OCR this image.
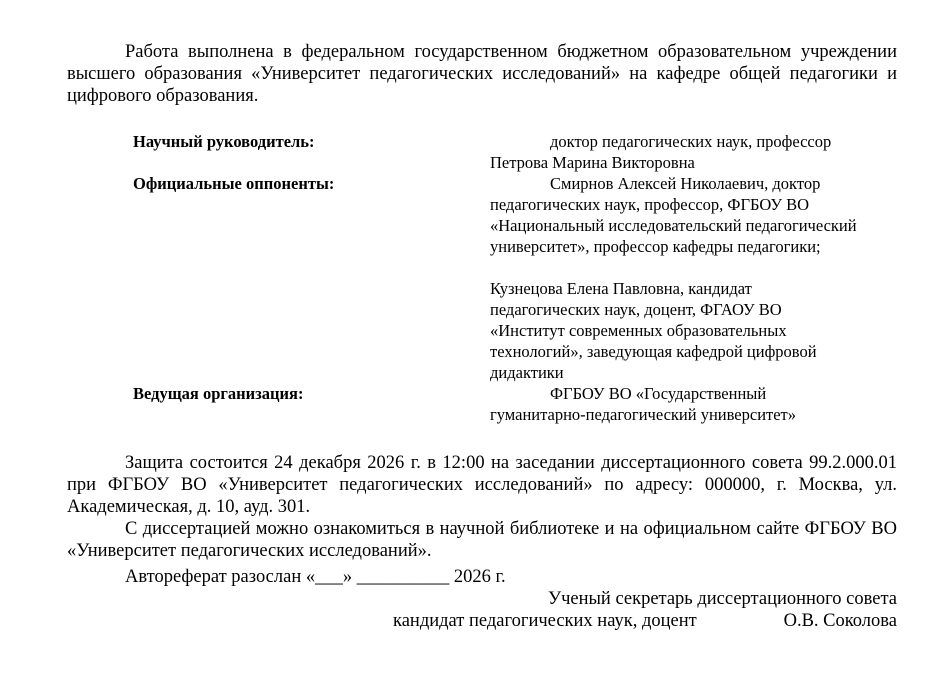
Работа выполнена в федеральном государственном бюджетном образовательном учреждении высшего образования «Университет педагогических исследований» на кафедре общей педагогики и цифрового образования.

Научный руководитель:	доктор педагогических наук, профессор
Петрова Марина Викторовна
Официальные оппоненты:	Смирнов Алексей Николаевич, доктор педагогических наук, профессор, ФГБОУ ВО «Национальный исследовательский педагогический университет», профессор кафедры педагогики;
Кузнецова Елена Павловна, кандидат педагогических наук, доцент, ФГАОУ ВО «Институт современных образовательных технологий», заведующая кафедрой цифровой дидактики
Ведущая организация:	ФГБОУ ВО «Государственный гуманитарно-педагогический университет»

Защита состоится 24 декабря 2026 г. в 12:00 на заседании диссертационного совета 99.2.000.01 при ФГБОУ ВО «Университет педагогических исследований» по адресу: 000000, г. Москва, ул. Академическая, д. 10, ауд. 301.

С диссертацией можно ознакомиться в научной библиотеке и на официальном сайте ФГБОУ ВО «Университет педагогических исследований».

Автореферат разослан «___» __________ 2026 г.

Ученый секретарь диссертационного совета
кандидат педагогических наук, доцент	О.В. Соколова
